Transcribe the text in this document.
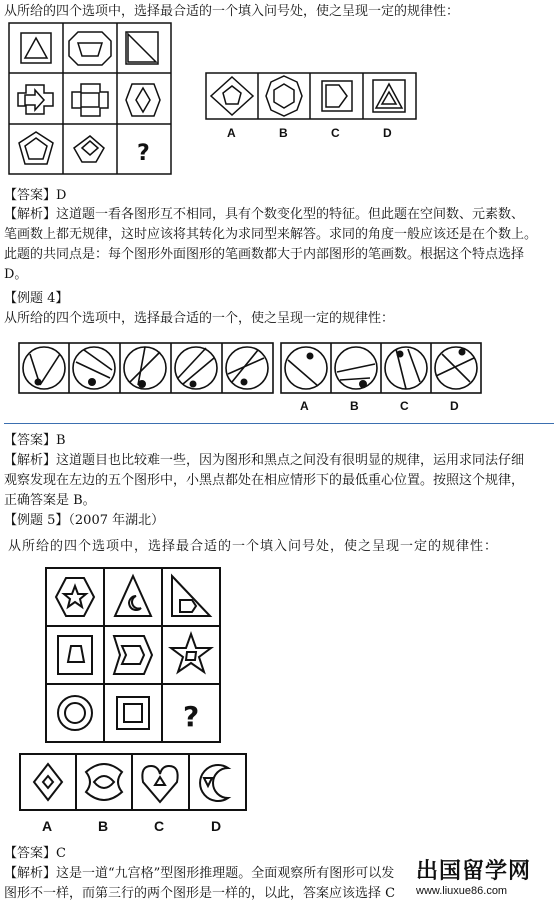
从所给的四个选项中，选择最合适的一个填入问号处，使之呈现一定的规律性：
?
A	B	C	D
【答案】D
【解析】这道题一看各图形互不相同，具有个数变化型的特征。但此题在空间数、元素数、
笔画数上都无规律，这时应该将其转化为求同型来解答。求同的角度一般应该还是在个数上。
此题的共同点是：每个图形外面图形的笔画数都大于内部图形的笔画数。根据这个特点选择
D。
【例题 4】
从所给的四个选项中，选择最合适的一个，使之呈现一定的规律性：
A	B	C	D
【答案】B
【解析】这道题目也比较难一些，因为图形和黑点之间没有很明显的规律，运用求同法仔细
观察发现在左边的五个图形中，小黑点都处在相应情形下的最低重心位置。按照这个规律，
正确答案是 B。
【例题 5】（2007 年湖北）
从所给的四个选项中，选择最合适的一个填入问号处，使之呈现一定的规律性：
?
A	B	C	D
【答案】C
【解析】这是一道“九宫格”型图形推理题。全面观察所有图形可以发
图形不一样，而第三行的两个图形是一样的，以此，答案应该选择 C
出国留学网
www.liuxue86.com
